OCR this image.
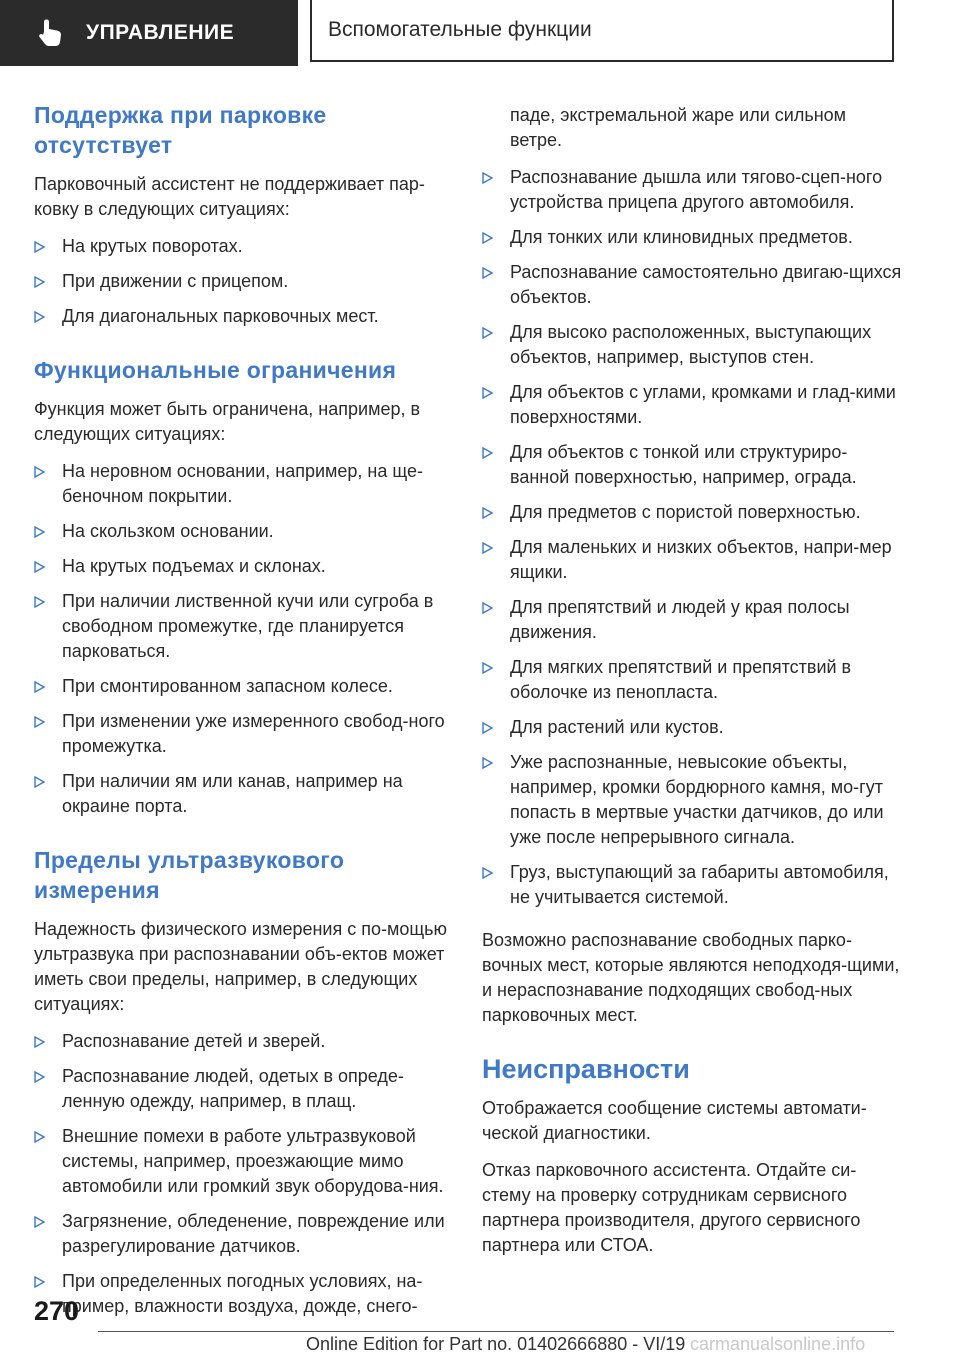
УПРАВЛЕНИЕ	Вспомогательные функции
Поддержка при парковке отсутствует

Парковочный ассистент не поддерживает пар-ковку в следующих ситуациях:

На крутых поворотах.
При движении с прицепом.
Для диагональных парковочных мест.
Функциональные ограничения

Функция может быть ограничена, например, в следующих ситуациях:

На неровном основании, например, на ще-беночном покрытии.
На скользком основании.
На крутых подъемах и склонах.
При наличии лиственной кучи или сугроба в свободном промежутке, где планируется парковаться.
При смонтированном запасном колесе.
При изменении уже измеренного свобод-ного промежутка.
При наличии ям или канав, например на окраине порта.
Пределы ультразвукового измерения

Надежность физического измерения с по-мощью ультразвука при распознавании объ-ектов может иметь свои пределы, например, в следующих ситуациях:

Распознавание детей и зверей.
Распознавание людей, одетых в опреде-ленную одежду, например, в плащ.
Внешние помехи в работе ультразвуковой системы, например, проезжающие мимо автомобили или громкий звук оборудова-ния.
Загрязнение, обледенение, повреждение или разрегулирование датчиков.
При определенных погодных условиях, на-пример, влажности воздуха, дожде, снего-

паде, экстремальной жаре или сильном ветре.

Распознавание дышла или тягово-сцеп-ного устройства прицепа другого автомобиля.
Для тонких или клиновидных предметов.
Распознавание самостоятельно двигаю-щихся объектов.
Для высоко расположенных, выступающих объектов, например, выступов стен.
Для объектов с углами, кромками и глад-кими поверхностями.
Для объектов с тонкой или структуриро-ванной поверхностью, например, ограда.
Для предметов с пористой поверхностью.
Для маленьких и низких объектов, напри-мер ящики.
Для препятствий и людей у края полосы движения.
Для мягких препятствий и препятствий в оболочке из пенопласта.
Для растений или кустов.
Уже распознанные, невысокие объекты, например, кромки бордюрного камня, мо-гут попасть в мертвые участки датчиков, до или уже после непрерывного сигнала.
Груз, выступающий за габариты автомобиля, не учитывается системой.

Возможно распознавание свободных парко-вочных мест, которые являются неподходя-щими, и нераспознавание подходящих свобод-ных парковочных мест.

Неисправности

Отображается сообщение системы автомати-ческой диагностики.

Отказ парковочного ассистента. Отдайте си-стему на проверку сотрудникам сервисного партнера производителя, другого сервисного партнера или СТОА.

270
Online Edition for Part no. 01402666880 - VI/19 carmanualsonline.info
